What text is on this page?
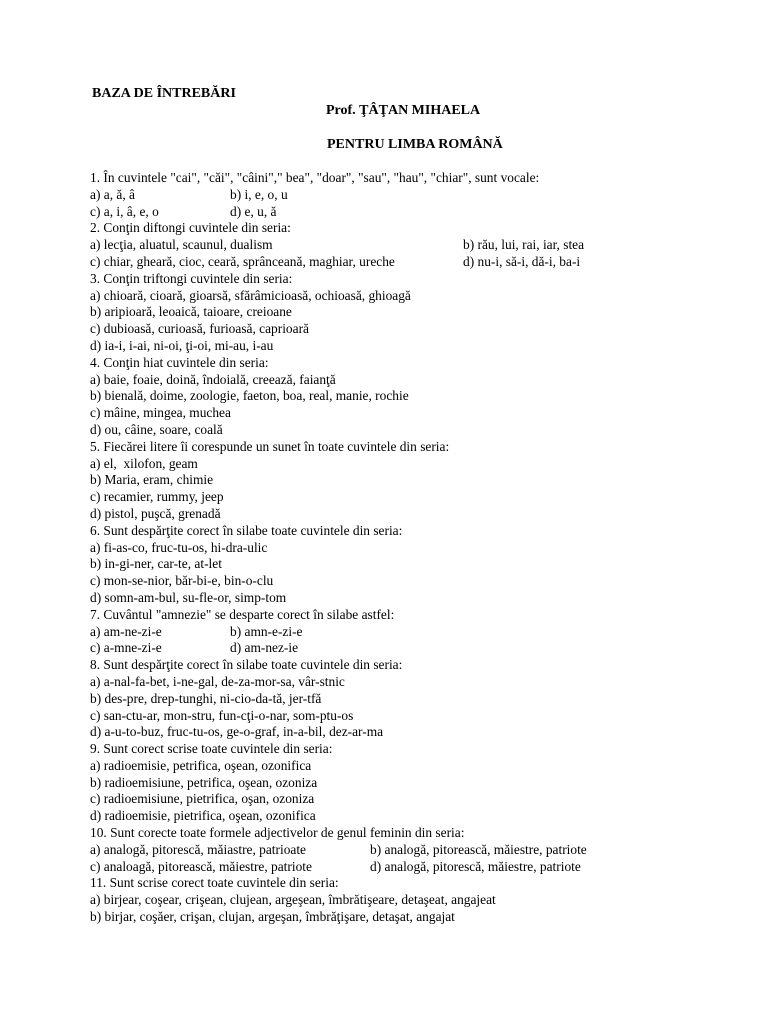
BAZA DE ÎNTREBĂRI
Prof. ŢÂŢAN MIHAELA
PENTRU LIMBA ROMÂNĂ
1. În cuvintele "cai", "căi", "câini"," bea", "doar", "sau", "hau", "chiar", sunt vocale:
a) a, ă, â	b) i, e, o, u
c) a, i, â, e, o	d) e, u, ă
2. Conţin diftongi cuvintele din seria:
a) lecţia, aluatul, scaunul, dualism	b) rău, lui, rai, iar, stea
c) chiar, gheară, cioc, ceară, sprânceană, maghiar, ureche	d) nu-i, să-i, dă-i, ba-i
3. Conţin triftongi cuvintele din seria:
a) chioară, cioară, gioarsă, sfărâmicioasă, ochioasă, ghioagă
b) aripioară, leoaică, taioare, creioane
c) dubioasă, curioasă, furioasă, caprioară
d) ia-i, i-ai, ni-oi, ţi-oi, mi-au, i-au
4. Conţin hiat cuvintele din seria:
a) baie, foaie, doină, îndoială, creează, faianţă
b) bienală, doime, zoologie, faeton, boa, real, manie, rochie
c) mâine, mingea, muchea
d) ou, câine, soare, coală
5. Fiecărei litere îi corespunde un sunet în toate cuvintele din seria:
a) el,  xilofon, geam
b) Maria, eram, chimie
c) recamier, rummy, jeep
d) pistol, puşcă, grenadă
6. Sunt despărţite corect în silabe toate cuvintele din seria:
a) fi-as-co, fruc-tu-os, hi-dra-ulic
b) in-gi-ner, car-te, at-let
c) mon-se-nior, băr-bi-e, bin-o-clu
d) somn-am-bul, su-fle-or, simp-tom
7. Cuvântul "amnezie" se desparte corect în silabe astfel:
a) am-ne-zi-e	b) amn-e-zi-e
c) a-mne-zi-e	d) am-nez-ie
8. Sunt despărţite corect în silabe toate cuvintele din seria:
a) a-nal-fa-bet, i-ne-gal, de-za-mor-sa, vâr-stnic
b) des-pre, drep-tunghi, ni-cio-da-tă, jer-tfă
c) san-ctu-ar, mon-stru, fun-cţi-o-nar, som-ptu-os
d) a-u-to-buz, fruc-tu-os, ge-o-graf, in-a-bil, dez-ar-ma
9. Sunt corect scrise toate cuvintele din seria:
a) radioemisie, petrifica, oşean, ozonifica
b) radioemisiune, petrifica, oşean, ozoniza
c) radioemisiune, pietrifica, oşan, ozoniza
d) radioemisie, pietrifica, oşean, ozonifica
10. Sunt corecte toate formele adjectivelor de genul feminin din seria:
a) analogă, pitorescă, măiastre, patrioate	b) analogă, pitorească, măiestre, patriote
c) analoagă, pitorească, măiestre, patriote	d) analogă, pitorescă, măiestre, patriote
11. Sunt scrise corect toate cuvintele din seria:
a) birjear, coşear, crişean, clujean, argeşean, îmbrătişeare, detaşeat, angajeat
b) birjar, coşăer, crişan, clujan, argeşan, îmbrăţişare, detaşat, angajat
